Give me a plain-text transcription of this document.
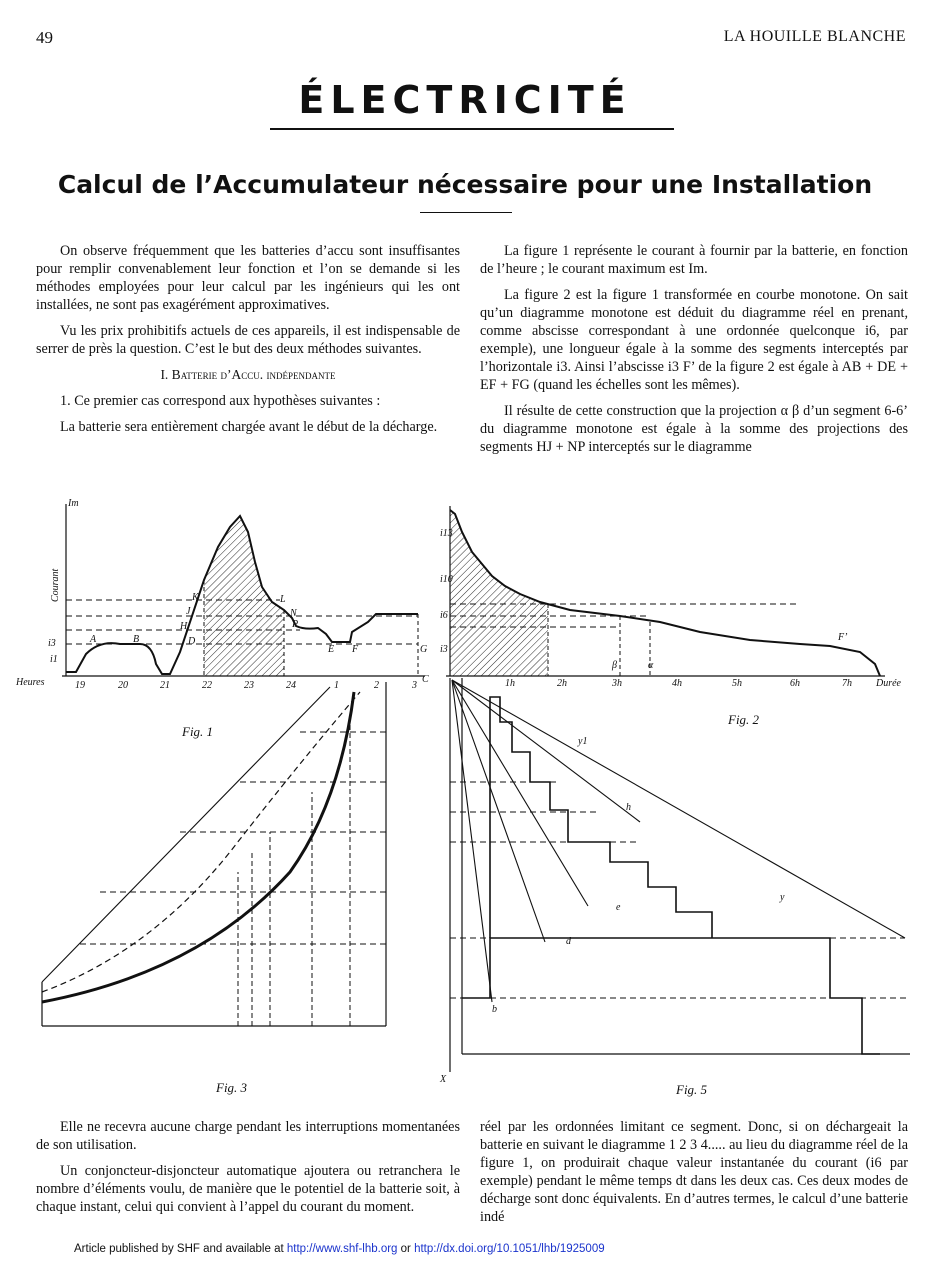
49	LA HOUILLE BLANCHE
ÉLECTRICITÉ
Calcul de l’Accumulateur nécessaire pour une Installation

On observe fréquemment que les batteries d’accu sont insuffisantes pour remplir convenablement leur fonction et l’on se demande si les méthodes employées pour leur calcul par les ingénieurs qui les ont installées, ne sont pas exagérément approximatives.

Vu les prix prohibitifs actuels de ces appareils, il est indispensable de serrer de près la question. C’est le but des deux méthodes suivantes.

I. Batterie d’Accu. indépendante

1. Ce premier cas correspond aux hypothèses suivantes :

La batterie sera entièrement chargée avant le début de la décharge.

La figure 1 représente le courant à fournir par la batterie, en fonction de l’heure ; le courant maximum est Im.

La figure 2 est la figure 1 transformée en courbe monotone. On sait qu’un diagramme monotone est déduit du diagramme réel en prenant, comme abscisse correspondant à une ordonnée quelconque i6, par exemple), une longueur égale à la somme des segments interceptés par l’horizontale i3. Ainsi l’abscisse i3 F’ de la figure 2 est égale à AB + DE + EF + FG (quand les échelles sont les mêmes).

Il résulte de cette construction que la projection α β d’un segment 6-6’ du diagramme monotone est égale à la somme des projections des segments HJ + NP interceptés sur le diagramme

Courant
Im
Heures	19	20	21	22	23	24	1	2	3
A	B
K
J
H
D
L
N
P
E F	G
i3
i1
C	1h	2h	3h	4h	5h	6h	7h Durée
i13
i10
i6
i3
β	α
F’
X
y
y1
h
e
d
b
Fig. 1
Fig. 2
Fig. 3	Fig. 5

Elle ne recevra aucune charge pendant les interruptions momentanées de son utilisation.

Un conjoncteur-disjoncteur automatique ajoutera ou retranchera le nombre d’éléments voulu, de manière que le potentiel de la batterie soit, à chaque instant, celui qui convient à l’appel du courant du moment.

réel par les ordonnées limitant ce segment. Donc, si on déchargeait la batterie en suivant le diagramme 1 2 3 4..... au lieu du diagramme réel de la figure 1, on produirait chaque valeur instantanée du courant (i6 par exemple) pendant le même temps dt dans les deux cas. Ces deux modes de décharge sont donc équivalents. En d’autres termes, le calcul d’une batterie indé

Article published by SHF and available at http://www.shf-lhb.org or http://dx.doi.org/10.1051/lhb/1925009
